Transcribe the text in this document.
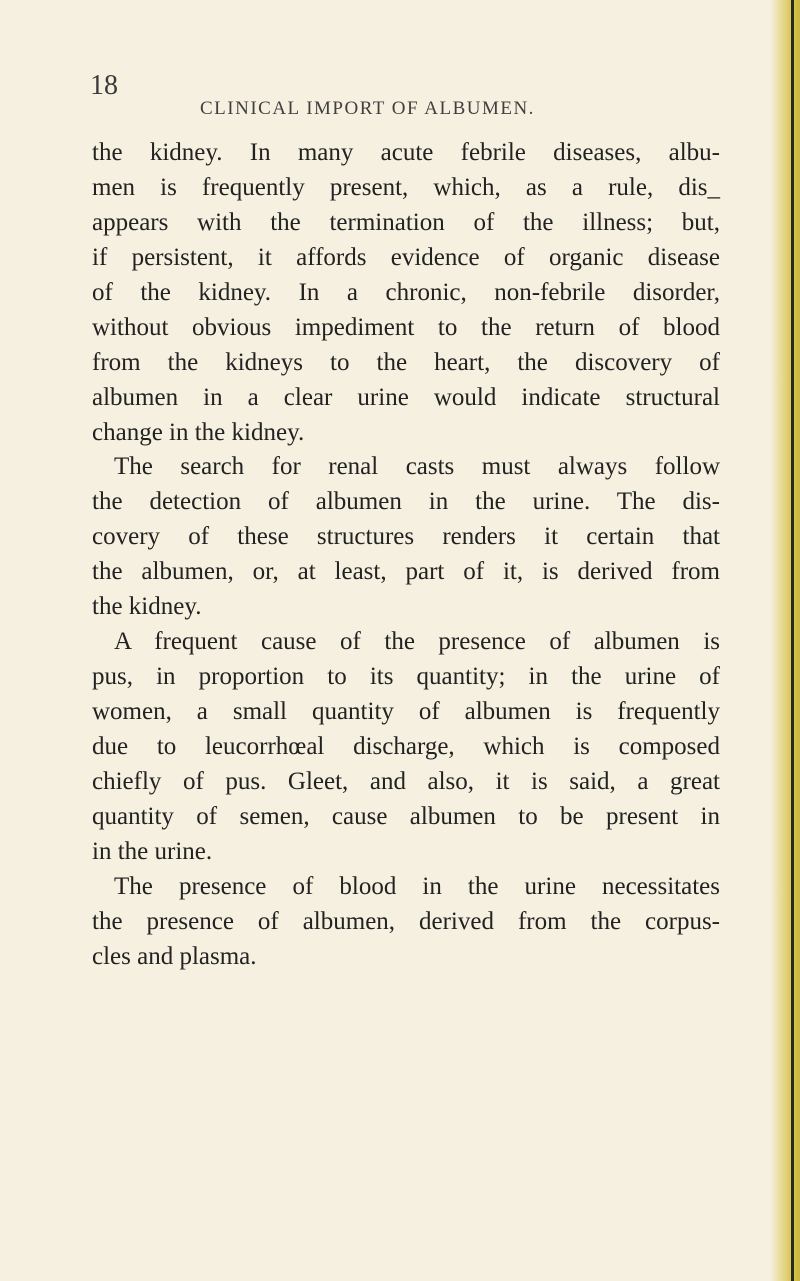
18
CLINICAL IMPORT OF ALBUMEN.
the kidney. In many acute febrile diseases, albu-
men is frequently present, which, as a rule, dis_
appears with the termination of the illness; but,
if persistent, it affords evidence of organic disease
of the kidney. In a chronic, non-febrile disorder,
without obvious impediment to the return of blood
from the kidneys to the heart, the discovery of
albumen in a clear urine would indicate structural
change in the kidney.
The search for renal casts must always follow
the detection of albumen in the urine. The dis-
covery of these structures renders it certain that
the albumen, or, at least, part of it, is derived from
the kidney.
A frequent cause of the presence of albumen is
pus, in proportion to its quantity; in the urine of
women, a small quantity of albumen is frequently
due to leucorrhœal discharge, which is composed
chiefly of pus. Gleet, and also, it is said, a great
quantity of semen, cause albumen to be present in
in the urine.
The presence of blood in the urine necessitates
the presence of albumen, derived from the corpus-
cles and plasma.
